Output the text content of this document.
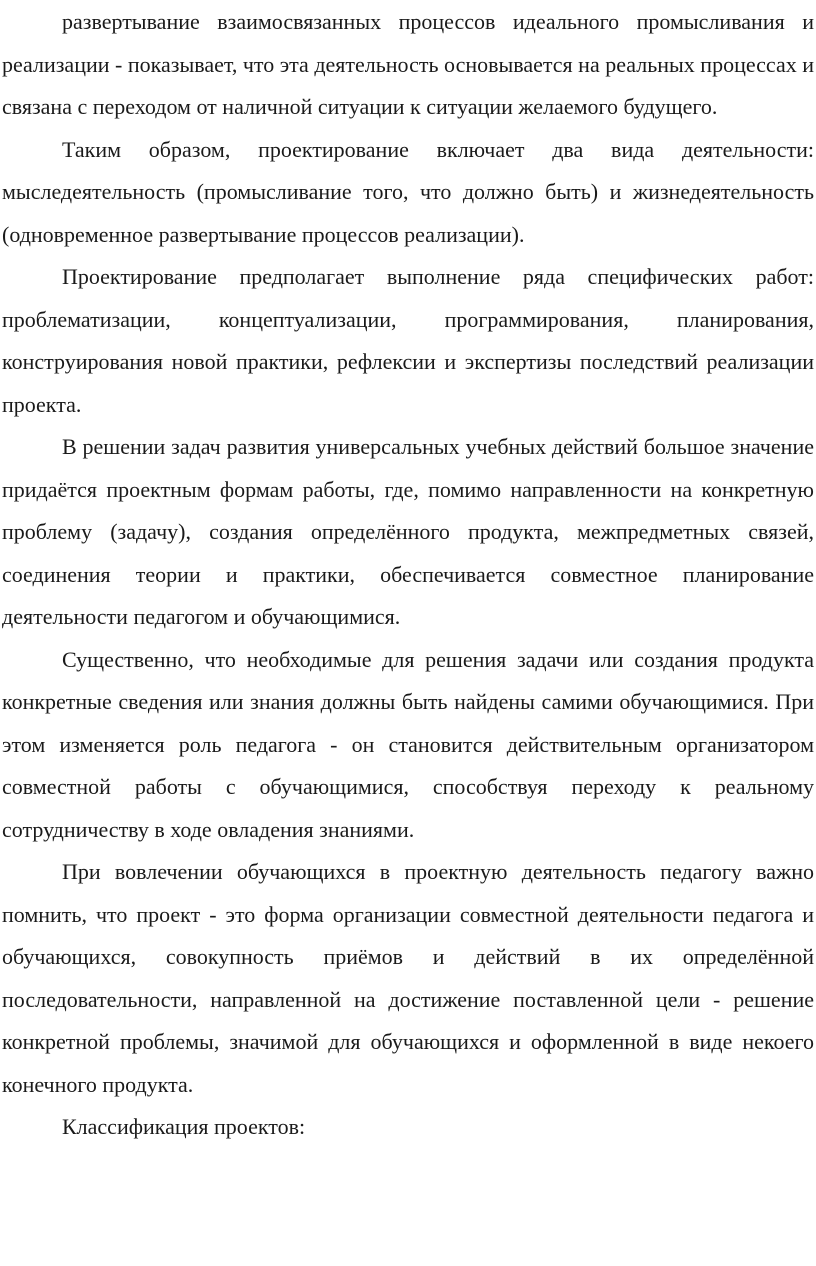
развертывание взаимосвязанных процессов идеального промысливания и реализации - показывает, что эта деятельность основывается на реальных процессах и связана с переходом от наличной ситуации к ситуации желаемого будущего.

Таким образом, проектирование включает два вида деятельности: мыследеятельность (промысливание того, что должно быть) и жизнедеятельность (одновременное развертывание процессов реализации).

Проектирование предполагает выполнение ряда специфических работ: проблематизации, концептуализации, программирования, планирования, конструирования новой практики, рефлексии и экспертизы последствий реализации проекта.

В решении задач развития универсальных учебных действий большое значение придаётся проектным формам работы, где, помимо направленности на конкретную проблему (задачу), создания определённого продукта, межпредметных связей, соединения теории и практики, обеспечивается совместное планирование деятельности педагогом и обучающимися.

Существенно, что необходимые для решения задачи или создания продукта конкретные сведения или знания должны быть найдены самими обучающимися. При этом изменяется роль педагога - он становится действительным организатором совместной работы с обучающимися, способствуя переходу к реальному сотрудничеству в ходе овладения знаниями.

При вовлечении обучающихся в проектную деятельность педагогу важно помнить, что проект - это форма организации совместной деятельности педагога и обучающихся, совокупность приёмов и действий в их определённой последовательности, направленной на достижение поставленной цели - решение конкретной проблемы, значимой для обучающихся и оформленной в виде некоего конечного продукта.

Классификация проектов:
